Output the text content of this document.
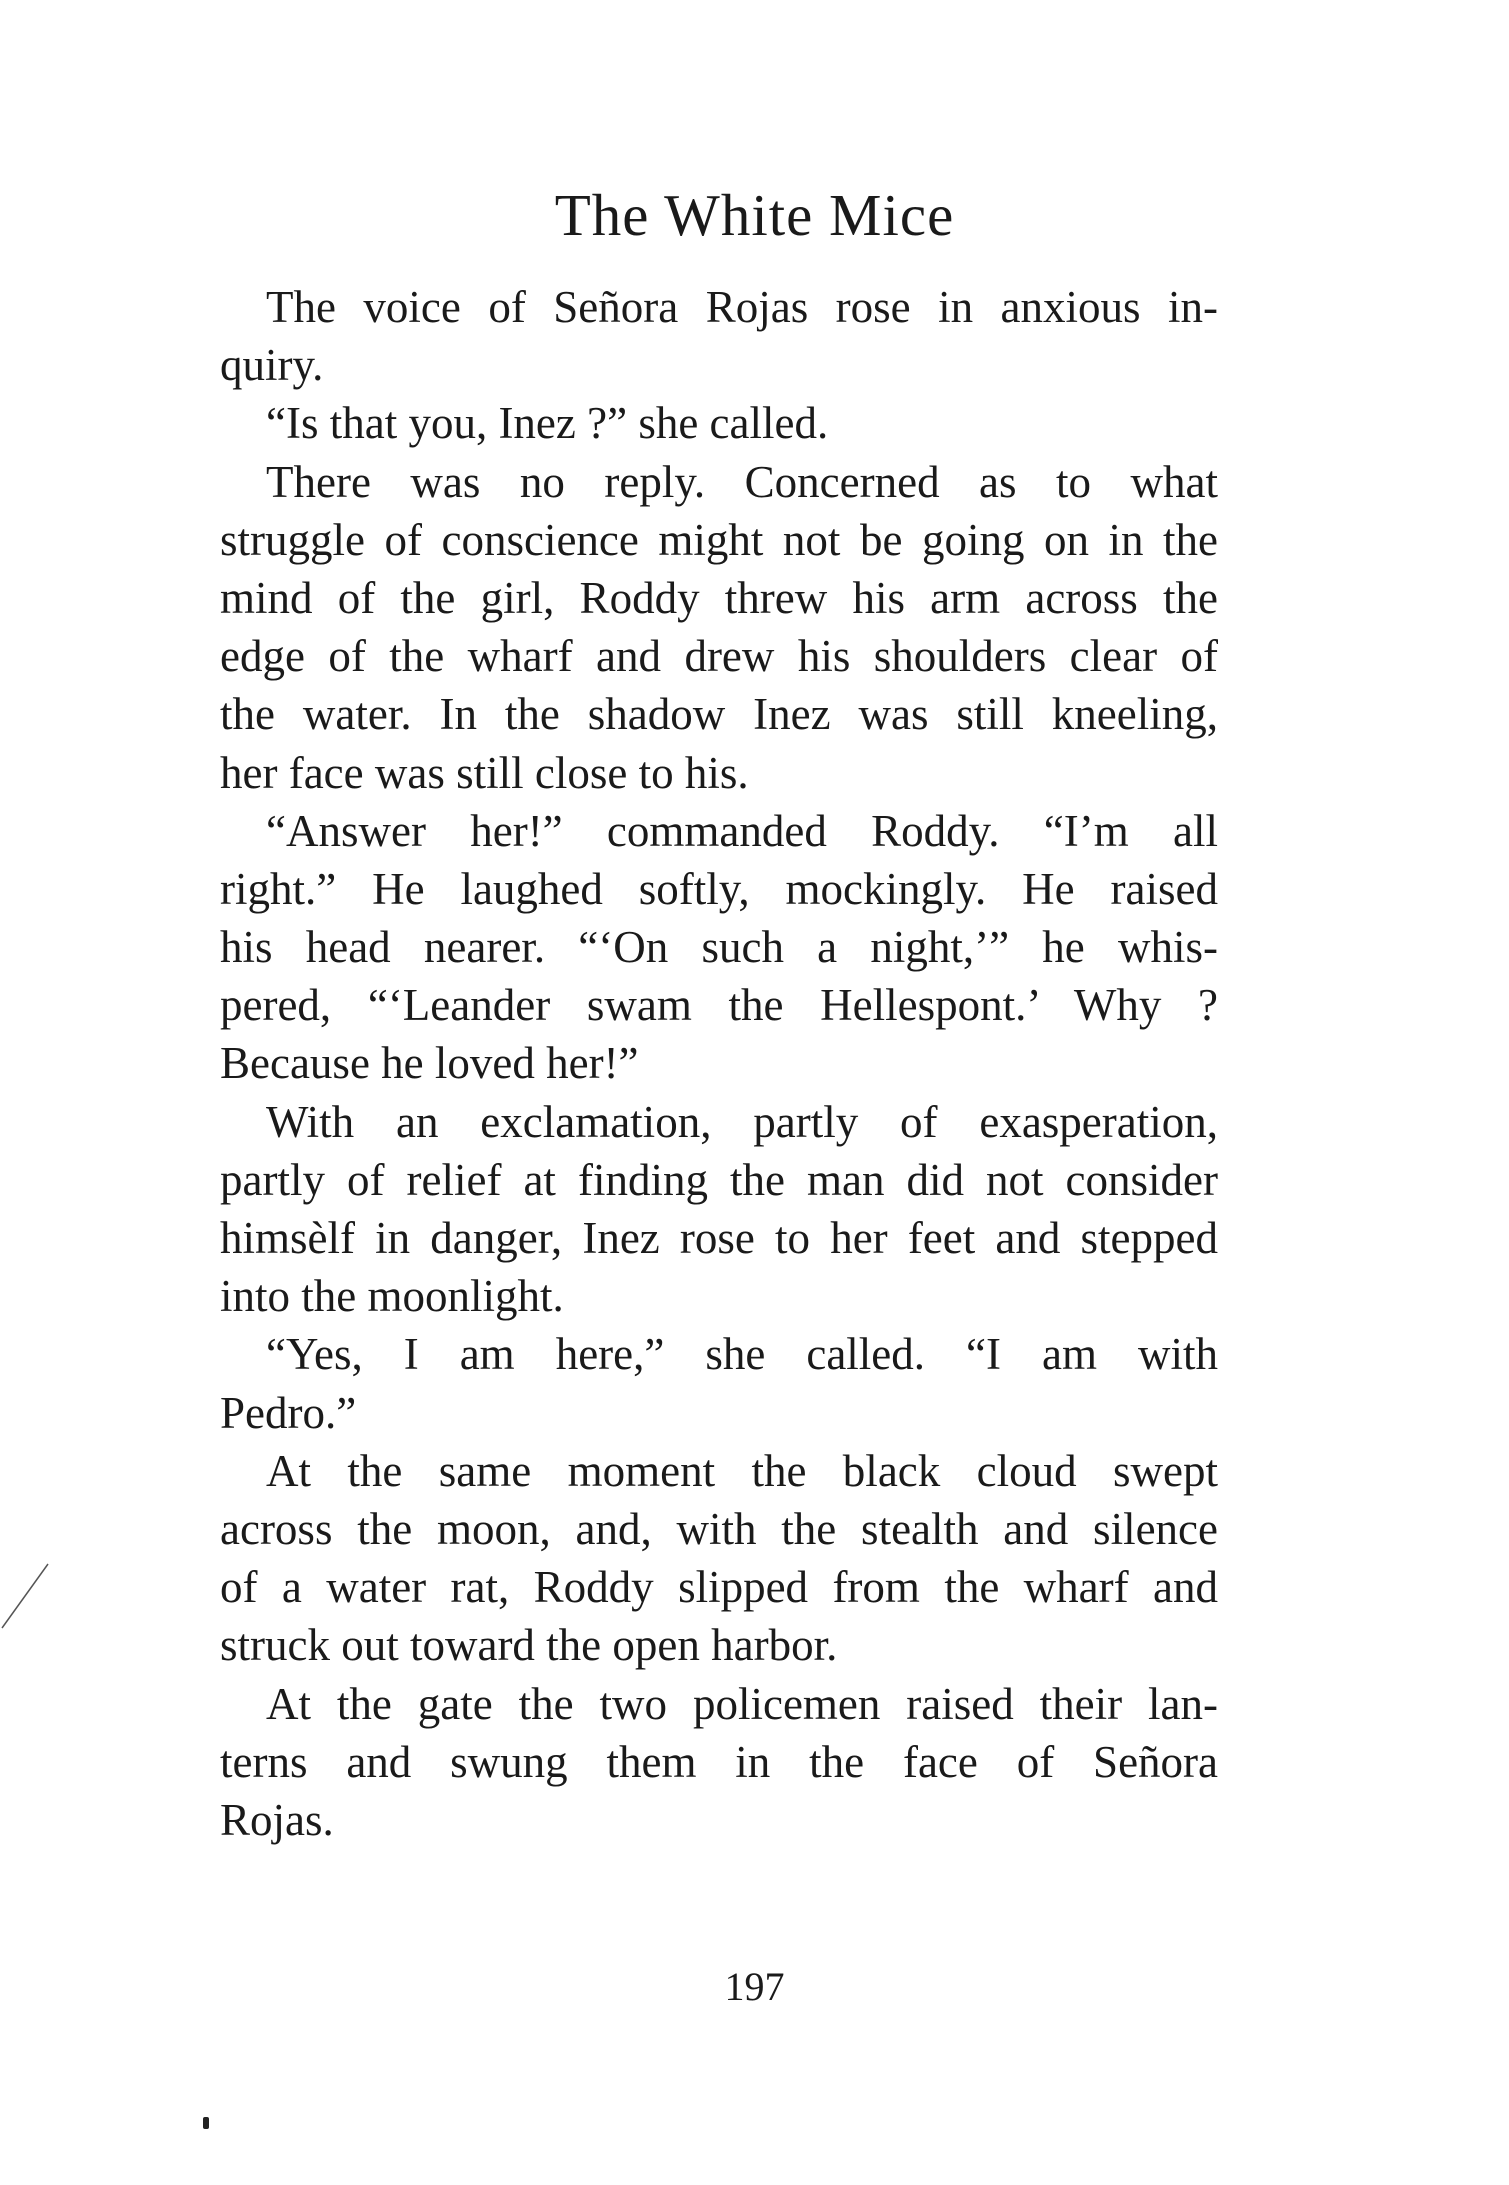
The White Mice
The voice of Señora Rojas rose in anxious in-
quiry.
“Is that you, Inez ?” she called.
There was no reply. Concerned as to what
struggle of conscience might not be going on in the
mind of the girl, Roddy threw his arm across the
edge of the wharf and drew his shoulders clear of
the water. In the shadow Inez was still kneeling,
her face was still close to his.
“Answer her!” commanded Roddy. “I’m all
right.” He laughed softly, mockingly. He raised
his head nearer. “‘On such a night,’” he whis-
pered, “‘Leander swam the Hellespont.’ Why ?
Because he loved her!”
With an exclamation, partly of exasperation,
partly of relief at finding the man did not consider
himsèlf in danger, Inez rose to her feet and stepped
into the moonlight.
“Yes, I am here,” she called. “I am with
Pedro.”
At the same moment the black cloud swept
across the moon, and, with the stealth and silence
of a water rat, Roddy slipped from the wharf and
struck out toward the open harbor.
At the gate the two policemen raised their lan-
terns and swung them in the face of Señora
Rojas.
197
